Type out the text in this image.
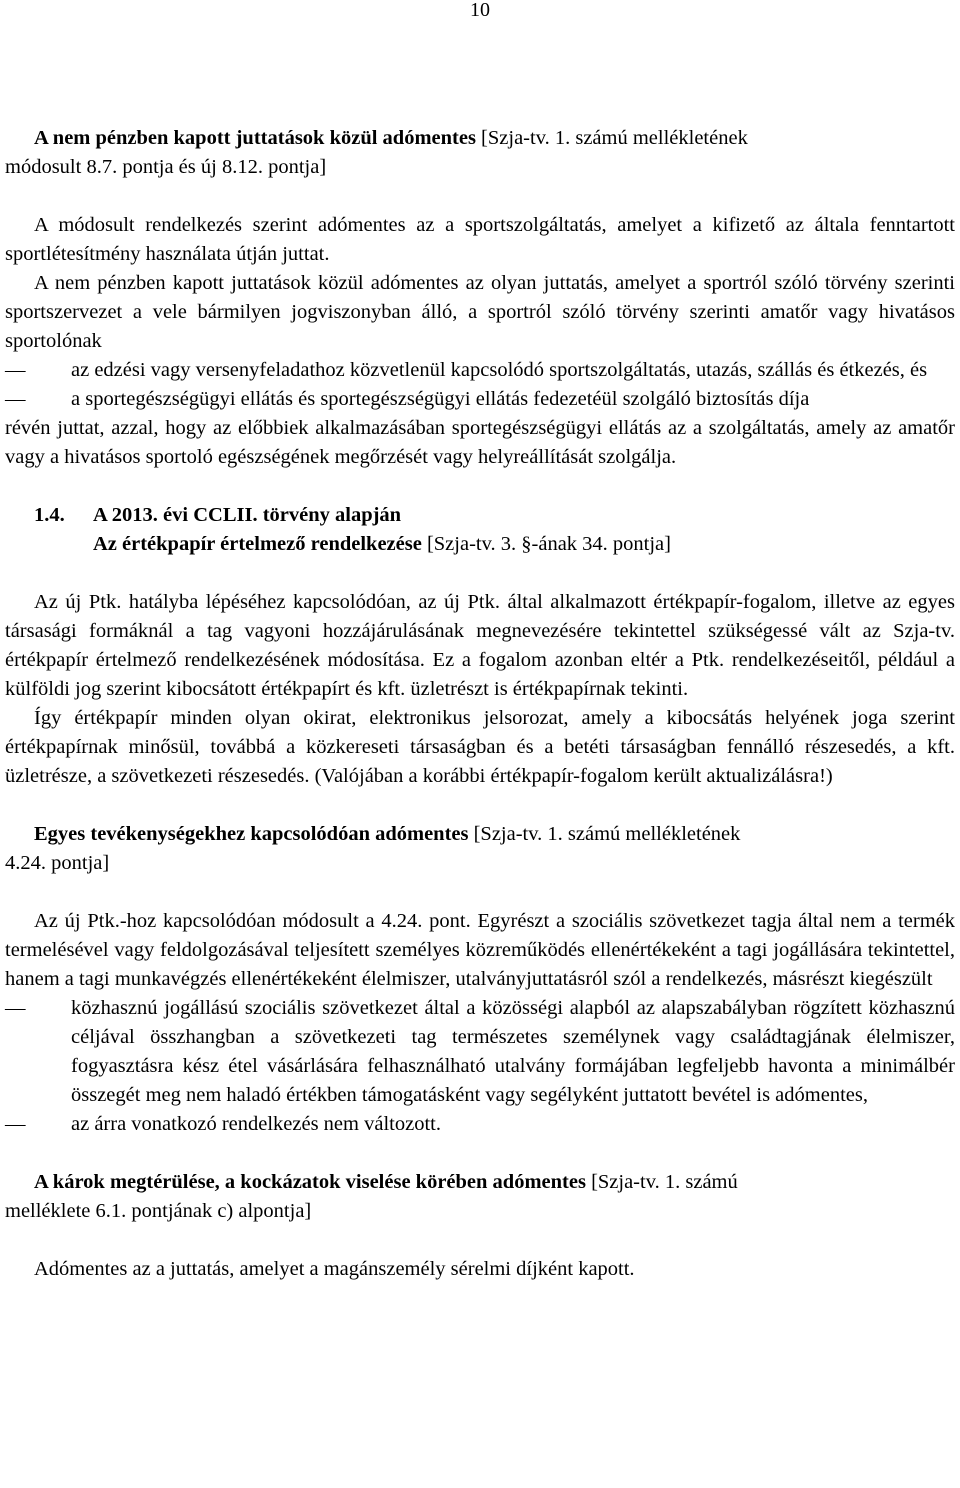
10

A nem pénzben kapott juttatások közül adómentes [Szja-tv. 1. számú mellékletének
módosult 8.7. pontja és új 8.12. pontja]

A módosult rendelkezés szerint adómentes az a sportszolgáltatás, amelyet a kifizető az általa fenntartott sportlétesítmény használata útján juttat.

A nem pénzben kapott juttatások közül adómentes az olyan juttatás, amelyet a sportról szóló törvény szerinti sportszervezet a vele bármilyen jogviszonyban álló, a sportról szóló törvény szerinti amatőr vagy hivatásos sportolónak

—	az edzési vagy versenyfeladathoz közvetlenül kapcsolódó sportszolgáltatás, utazás, szállás és étkezés, és
—	a sportegészségügyi ellátás és sportegészségügyi ellátás fedezetéül szolgáló biztosítás díja

révén juttat, azzal, hogy az előbbiek alkalmazásában sportegészségügyi ellátás az a szolgáltatás, amely az amatőr vagy a hivatásos sportoló egészségének megőrzését vagy helyreállítását szolgálja.

1.4. A 2013. évi CCLII. törvény alapján
Az értékpapír értelmező rendelkezése [Szja-tv. 3. §-ának 34. pontja]

Az új Ptk. hatályba lépéséhez kapcsolódóan, az új Ptk. által alkalmazott értékpapír-fogalom, illetve az egyes társasági formáknál a tag vagyoni hozzájárulásának megnevezésére tekintettel szükségessé vált az Szja-tv. értékpapír értelmező rendelkezésének módosítása. Ez a fogalom azonban eltér a Ptk. rendelkezéseitől, például a külföldi jog szerint kibocsátott értékpapírt és kft. üzletrészt is értékpapírnak tekinti.

Így értékpapír minden olyan okirat, elektronikus jelsorozat, amely a kibocsátás helyének joga szerint értékpapírnak minősül, továbbá a közkereseti társaságban és a betéti társaságban fennálló részesedés, a kft. üzletrésze, a szövetkezeti részesedés. (Valójában a korábbi értékpapír-fogalom került aktualizálásra!)

Egyes tevékenységekhez kapcsolódóan adómentes [Szja-tv. 1. számú mellékletének
4.24. pontja]

Az új Ptk.-hoz kapcsolódóan módosult a 4.24. pont. Egyrészt a szociális szövetkezet tagja által nem a termék termelésével vagy feldolgozásával teljesített személyes közreműködés ellenértékeként a tagi jogállására tekintettel, hanem a tagi munkavégzés ellenértékeként élelmiszer, utalványjuttatásról szól a rendelkezés, másrészt kiegészült

—	közhasznú jogállású szociális szövetkezet által a közösségi alapból az alapszabályban rögzített közhasznú céljával összhangban a szövetkezeti tag természetes személynek vagy családtagjának élelmiszer, fogyasztásra kész étel vásárlására felhasználható utalvány formájában legfeljebb havonta a minimálbér összegét meg nem haladó értékben támogatásként vagy segélyként juttatott bevétel is adómentes,
—	az árra vonatkozó rendelkezés nem változott.

A károk megtérülése, a kockázatok viselése körében adómentes [Szja-tv. 1. számú
melléklete 6.1. pontjának c) alpontja]

Adómentes az a juttatás, amelyet a magánszemély sérelmi díjként kapott.
